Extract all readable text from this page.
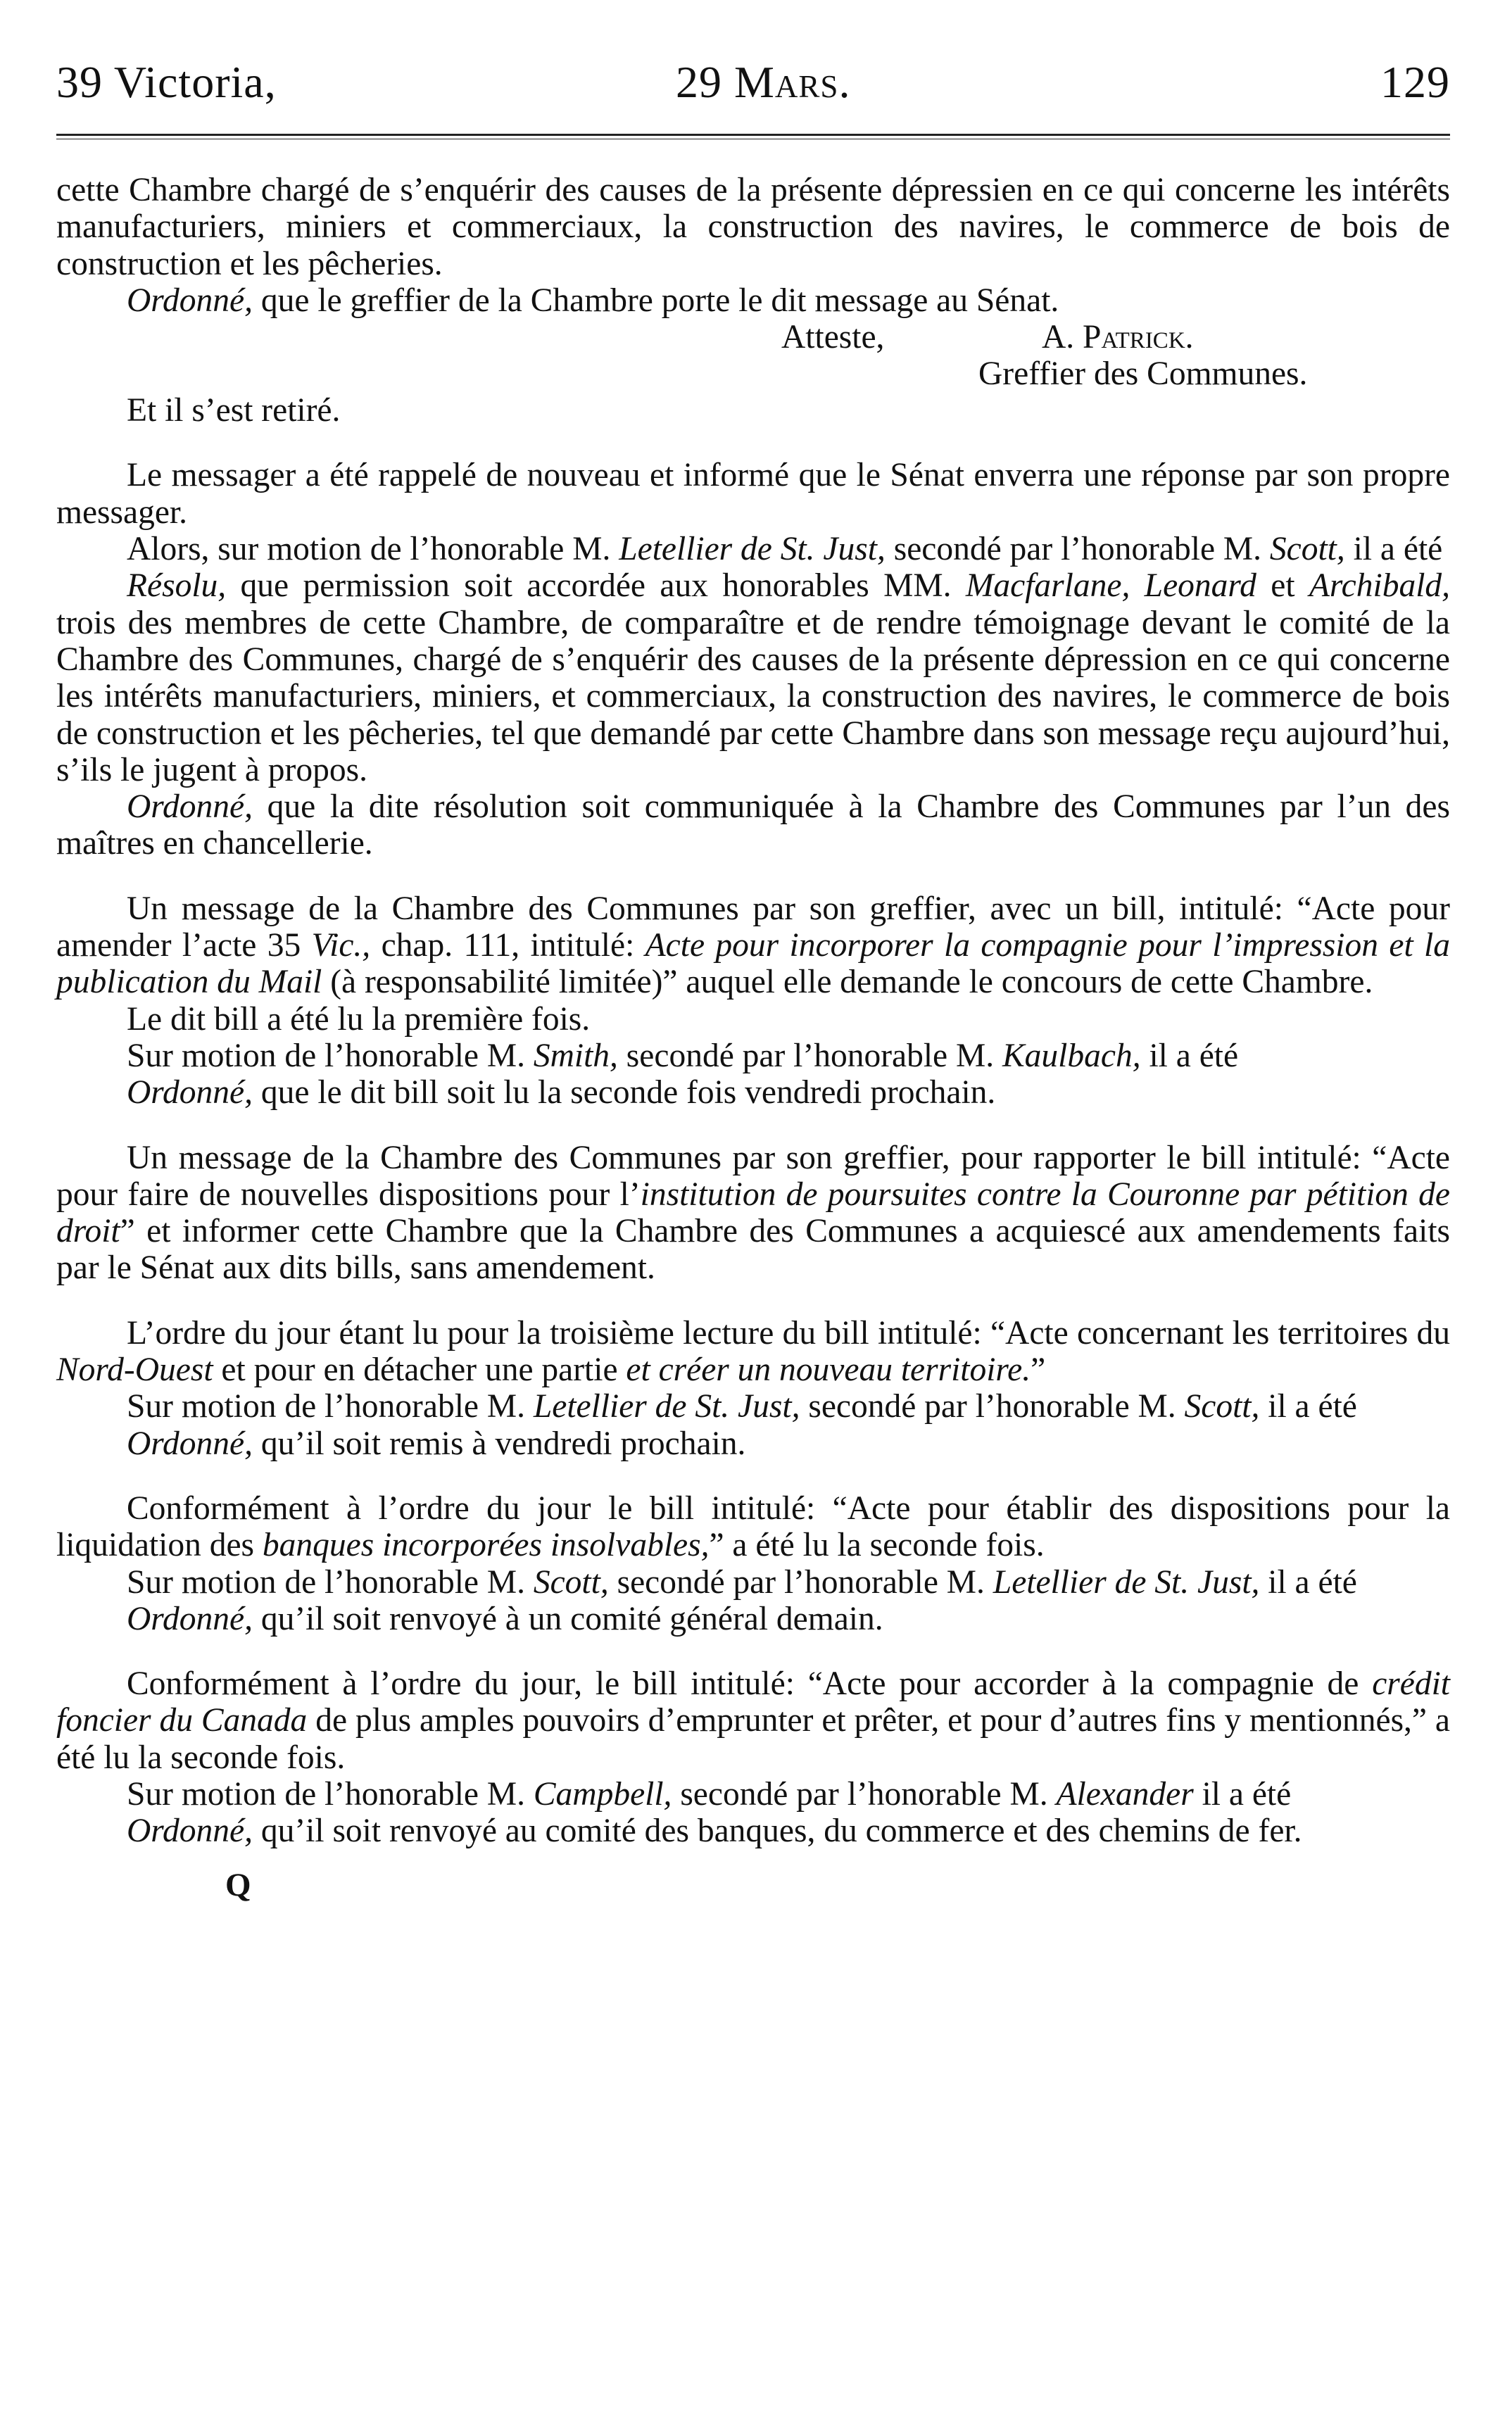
39 Victoria,	29 Mars.	129

cette Chambre chargé de s’enquérir des causes de la présente dépressien en ce qui concerne les intérêts manufacturiers, miniers et commerciaux, la construction des navires, le commerce de bois de construction et les pêcheries.

Ordonné, que le greffier de la Chambre porte le dit message au Sénat.

Atteste,	A. Patrick.
Greffier des Communes.

Et il s’est retiré.

Le messager a été rappelé de nouveau et informé que le Sénat enverra une réponse par son propre messager.

Alors, sur motion de l’honorable M. Letellier de St. Just, secondé par l’honorable M. Scott, il a été

Résolu, que permission soit accordée aux honorables MM. Macfarlane, Leonard et Archibald, trois des membres de cette Chambre, de comparaître et de rendre témoignage devant le comité de la Chambre des Communes, chargé de s’enquérir des causes de la présente dépression en ce qui concerne les intérêts manufacturiers, miniers, et commerciaux, la construction des navires, le commerce de bois de construction et les pêcheries, tel que demandé par cette Chambre dans son message reçu aujourd’hui, s’ils le jugent à propos.

Ordonné, que la dite résolution soit communiquée à la Chambre des Communes par l’un des maîtres en chancellerie.

Un message de la Chambre des Communes par son greffier, avec un bill, intitulé: “Acte pour amender l’acte 35 Vic., chap. 111, intitulé: Acte pour incorporer la compagnie pour l’impression et la publication du Mail (à responsabilité limitée)” auquel elle demande le concours de cette Chambre.

Le dit bill a été lu la première fois.

Sur motion de l’honorable M. Smith, secondé par l’honorable M. Kaulbach, il a été

Ordonné, que le dit bill soit lu la seconde fois vendredi prochain.

Un message de la Chambre des Communes par son greffier, pour rapporter le bill intitulé: “Acte pour faire de nouvelles dispositions pour l’institution de poursuites contre la Couronne par pétition de droit” et informer cette Chambre que la Chambre des Communes a acquiescé aux amendements faits par le Sénat aux dits bills, sans amendement.

L’ordre du jour étant lu pour la troisième lecture du bill intitulé: “Acte concernant les territoires du Nord-Ouest et pour en détacher une partie et créer un nouveau territoire.”

Sur motion de l’honorable M. Letellier de St. Just, secondé par l’honorable M. Scott, il a été

Ordonné, qu’il soit remis à vendredi prochain.

Conformément à l’ordre du jour le bill intitulé: “Acte pour établir des dispositions pour la liquidation des banques incorporées insolvables,” a été lu la seconde fois.

Sur motion de l’honorable M. Scott, secondé par l’honorable M. Letellier de St. Just, il a été

Ordonné, qu’il soit renvoyé à un comité général demain.

Conformément à l’ordre du jour, le bill intitulé: “Acte pour accorder à la compagnie de crédit foncier du Canada de plus amples pouvoirs d’emprunter et prêter, et pour d’autres fins y mentionnés,” a été lu la seconde fois.

Sur motion de l’honorable M. Campbell, secondé par l’honorable M. Alexander il a été

Ordonné, qu’il soit renvoyé au comité des banques, du commerce et des chemins de fer.

Q
